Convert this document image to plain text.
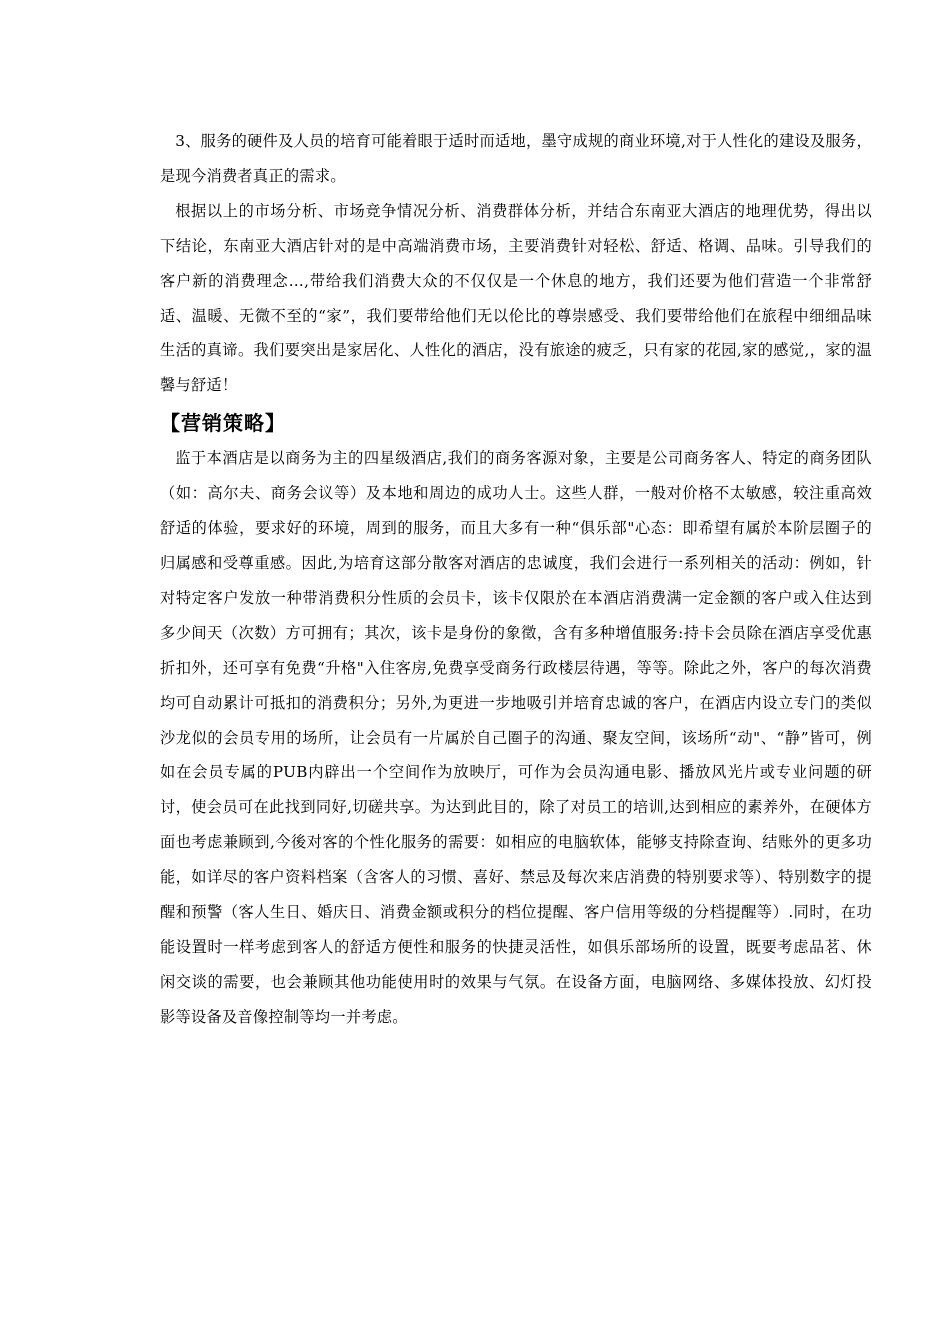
3、服务的硬件及人员的培育可能着眼于适时而适地，墨守成规的商业环境,对于人性化的建设及服务，是现今消费者真正的需求。

根据以上的市场分析、市场竞争情况分析、消费群体分析，并结合东南亚大酒店的地理优势，得出以下结论，东南亚大酒店针对的是中高端消费市场，主要消费针对轻松、舒适、格调、品味。引导我们的客户新的消费理念…,带给我们消费大众的不仅仅是一个休息的地方，我们还要为他们营造一个非常舒适、温暖、无微不至的“家”，我们要带给他们无以伦比的尊崇感受、我们要带给他们在旅程中细细品味生活的真谛。我们要突出是家居化、人性化的酒店，没有旅途的疲乏，只有家的花园,家的感觉,，家的温馨与舒适！

【营销策略】

监于本酒店是以商务为主的四星级酒店,我们的商务客源对象，主要是公司商务客人、特定的商务团队（如：高尔夫、商务会议等）及本地和周边的成功人士。这些人群，一般对价格不太敏感，较注重高效舒适的体验，要求好的环境，周到的服务，而且大多有一种“俱乐部"心态：即希望有属於本阶层圈子的归属感和受尊重感。因此,为培育这部分散客对酒店的忠诚度，我们会进行一系列相关的活动：例如，针对特定客户发放一种带消费积分性质的会员卡，该卡仅限於在本酒店消费满一定金额的客户或入住达到多少间天（次数）方可拥有；其次，该卡是身份的象徵，含有多种增值服务:持卡会员除在酒店享受优惠折扣外，还可享有免费“升格"入住客房,免费享受商务行政楼层待遇，等等。除此之外，客户的每次消费均可自动累计可抵扣的消费积分；另外,为更进一步地吸引并培育忠诚的客户，在酒店内设立专门的类似沙龙似的会员专用的场所，让会员有一片属於自己圈子的沟通、聚友空间，该场所“动"、“静”皆可，例如在会员专属的PUB内辟出一个空间作为放映厅，可作为会员沟通电影、播放风光片或专业问题的研讨，使会员可在此找到同好,切磋共享。为达到此目的，除了对员工的培训,达到相应的素养外，在硬体方面也考虑兼顾到,今後对客的个性化服务的需要：如相应的电脑软体，能够支持除查询、结账外的更多功能，如详尽的客户资料档案（含客人的习惯、喜好、禁忌及每次来店消费的特别要求等）、特别数字的提醒和预警（客人生日、婚庆日、消费金额或积分的档位提醒、客户信用等级的分档提醒等）.同时，在功能设置时一样考虑到客人的舒适方便性和服务的快捷灵活性，如俱乐部场所的设置，既要考虑品茗、休闲交谈的需要，也会兼顾其他功能使用时的效果与气氛。在设备方面，电脑网络、多媒体投放、幻灯投影等设备及音像控制等均一并考虑。
